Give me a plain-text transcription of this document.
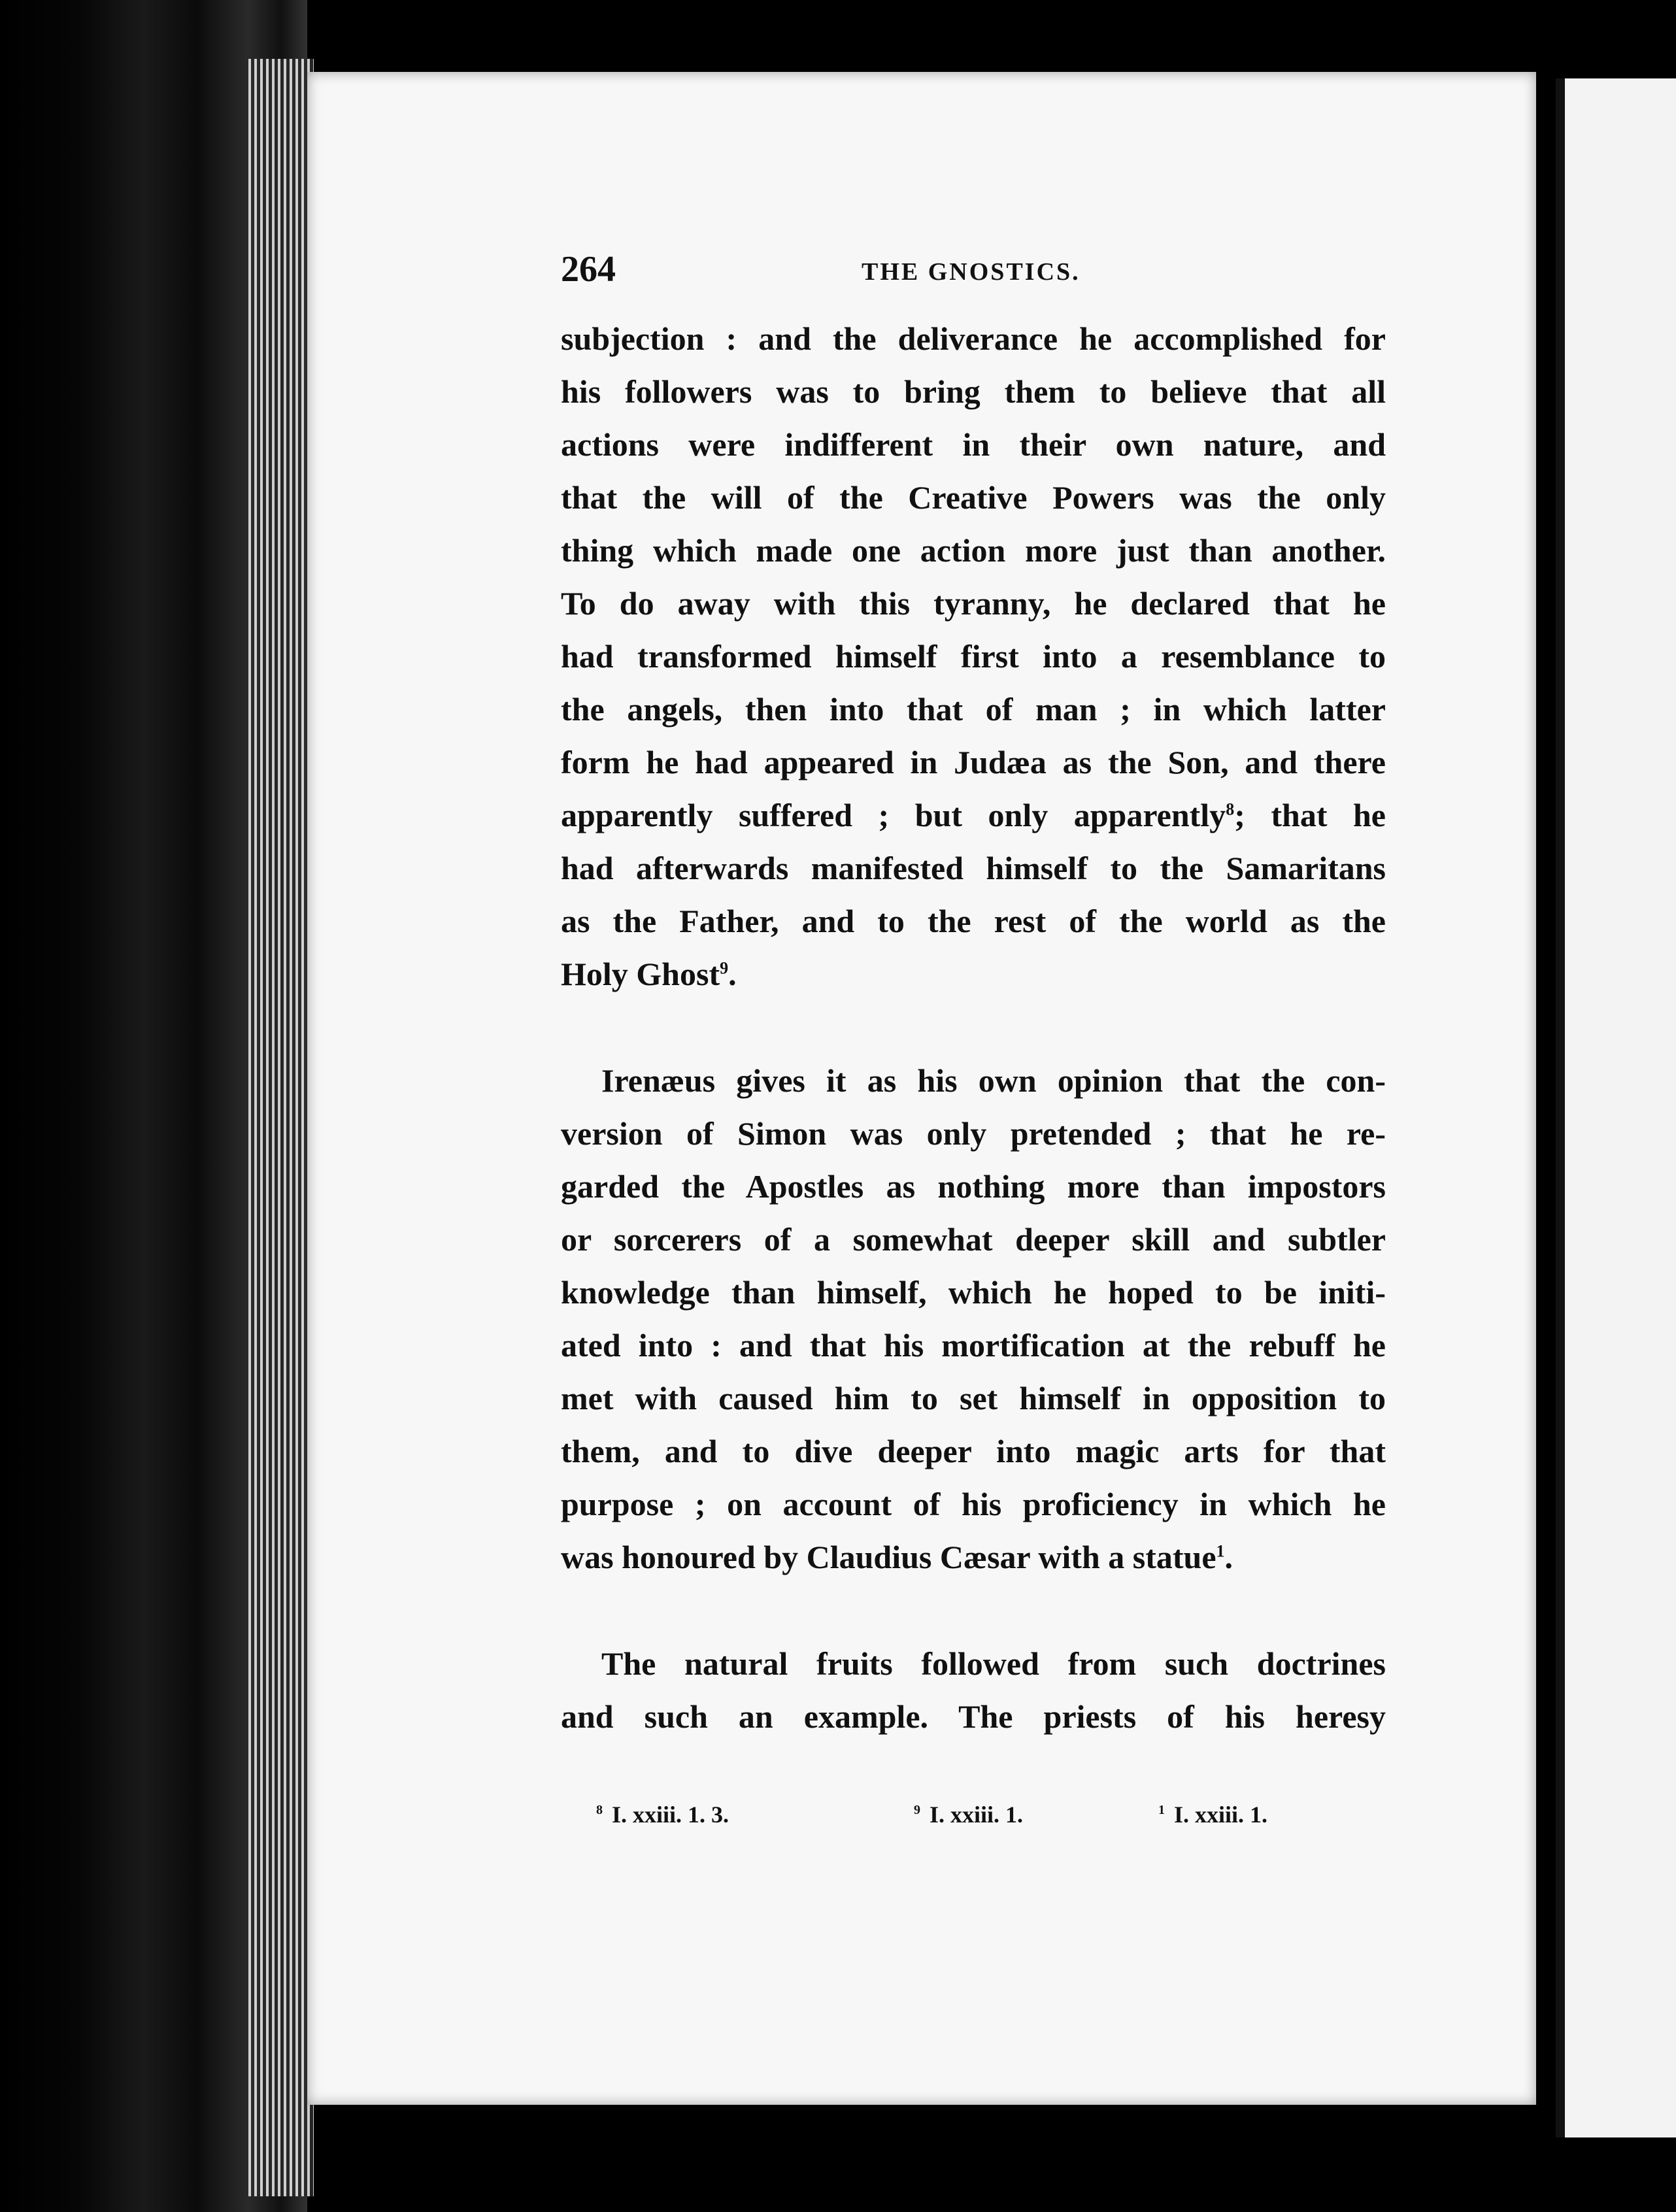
264	THE GNOSTICS.
subjection : and the deliverance he accomplished for
his followers was to bring them to believe that all
actions were indifferent in their own nature, and
that the will of the Creative Powers was the only
thing which made one action more just than another.
To do away with this tyranny, he declared that he
had transformed himself first into a resemblance to
the angels, then into that of man ; in which latter
form he had appeared in Judæa as the Son, and there
apparently suffered ; but only apparently$^8$; that he
had afterwards manifested himself to the Samaritans
as the Father, and to the rest of the world as the
Holy Ghost$^9$.
Irenæus gives it as his own opinion that the con-
version of Simon was only pretended ; that he re-
garded the Apostles as nothing more than impostors
or sorcerers of a somewhat deeper skill and subtler
knowledge than himself, which he hoped to be initi-
ated into : and that his mortification at the rebuff he
met with caused him to set himself in opposition to
them, and to dive deeper into magic arts for that
purpose ; on account of his proficiency in which he
was honoured by Claudius Cæsar with a statue$^1$.
The natural fruits followed from such doctrines
and such an example. The priests of his heresy
$^8$ I. xxiii. 1. 3.	$^9$ I. xxiii. 1.	$^1$ I. xxiii. 1.
